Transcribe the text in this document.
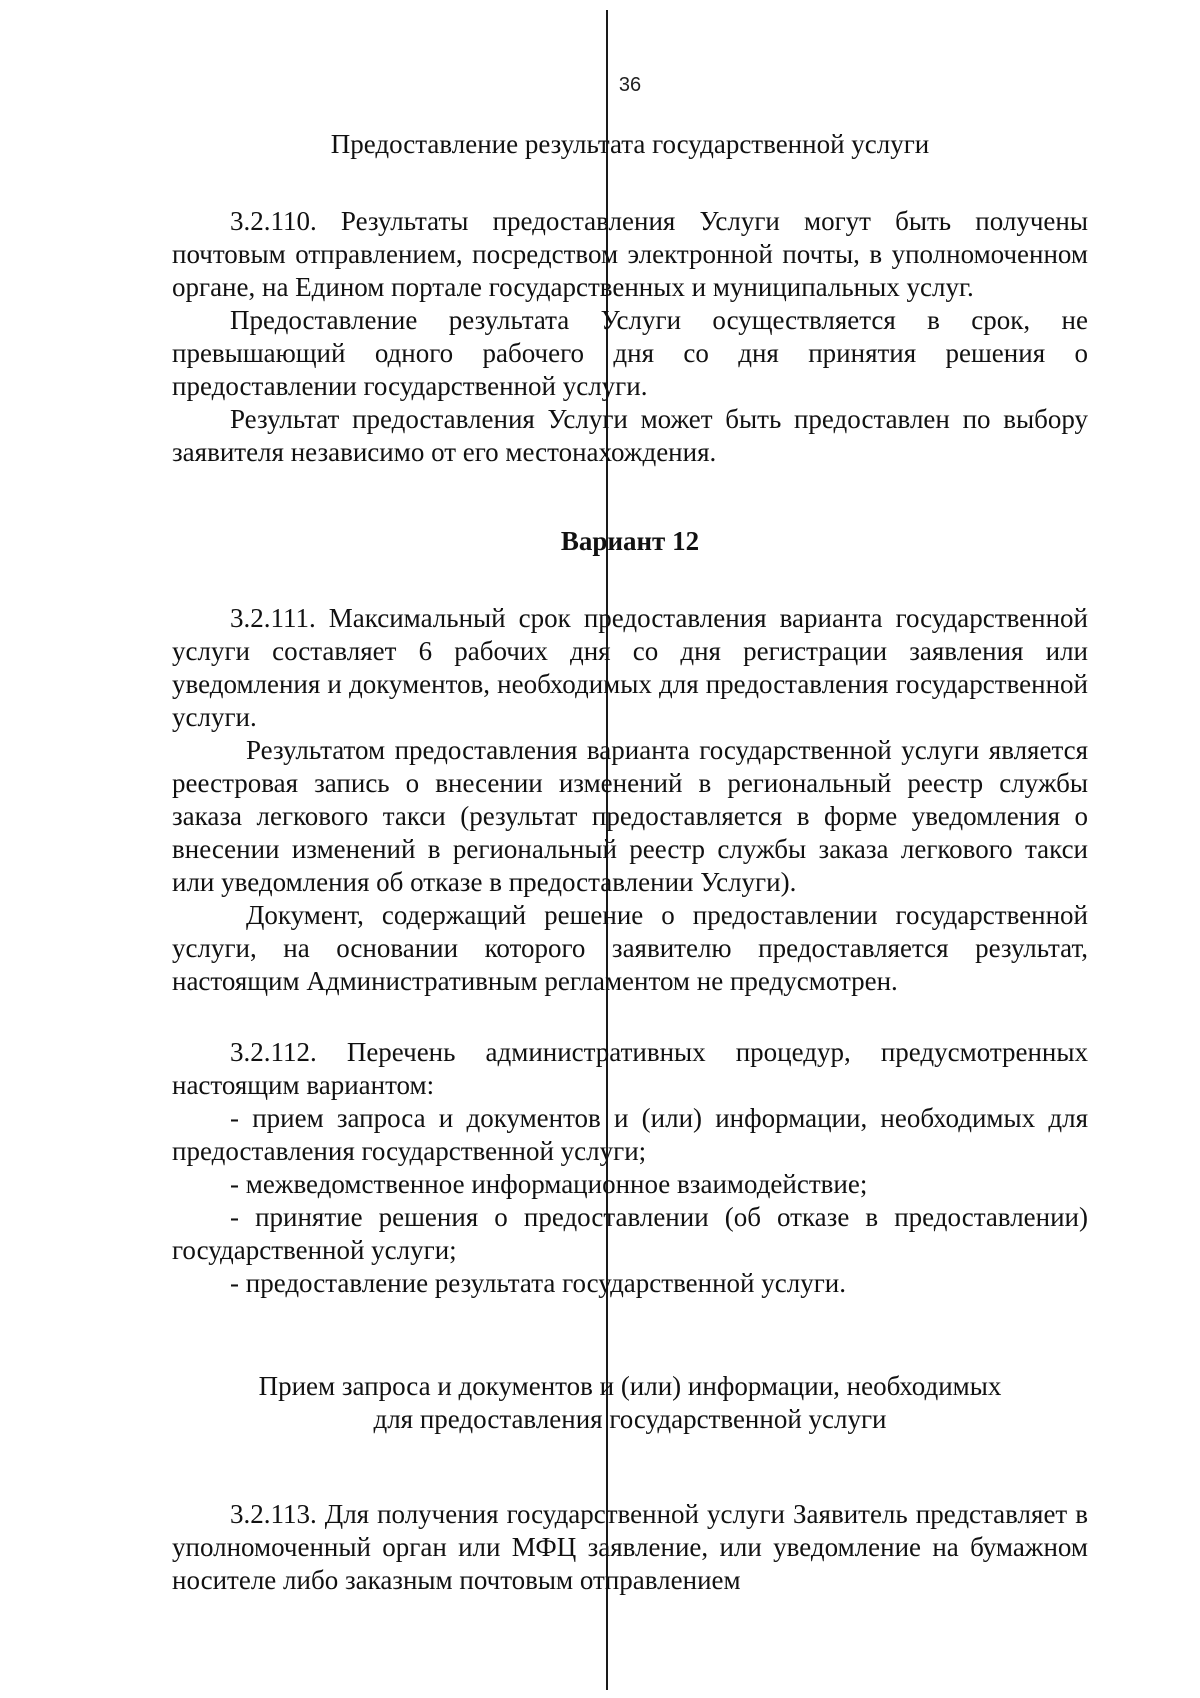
36
Предоставление результата государственной услуги

3.2.110. Результаты предоставления Услуги могут быть получены почтовым отправлением, посредством электронной почты, в уполномоченном органе, на Едином портале государственных и муниципальных услуг.

Предоставление результата Услуги осуществляется в срок, не превышающий одного рабочего дня со дня принятия решения о предоставлении государственной услуги.

Результат предоставления Услуги может быть предоставлен по выбору заявителя независимо от его местонахождения.

Вариант 12

3.2.111. Максимальный срок предоставления варианта государственной услуги составляет 6 рабочих дня со дня регистрации заявления или уведомления и документов, необходимых для предоставления государственной услуги.

Результатом предоставления варианта государственной услуги является реестровая запись о внесении изменений в региональный реестр службы заказа легкового такси (результат предоставляется в форме уведомления о внесении изменений в региональный реестр службы заказа легкового такси или уведомления об отказе в предоставлении Услуги).

Документ, содержащий решение о предоставлении государственной услуги, на основании которого заявителю предоставляется результат, настоящим Административным регламентом не предусмотрен.

3.2.112. Перечень административных процедур, предусмотренных настоящим вариантом:

- прием запроса и документов и (или) информации, необходимых для предоставления государственной услуги;

- межведомственное информационное взаимодействие;

- принятие решения о предоставлении (об отказе в предоставлении) государственной услуги;

- предоставление результата государственной услуги.

Прием запроса и документов и (или) информации, необходимых
для предоставления государственной услуги

3.2.113. Для получения государственной услуги Заявитель представляет в уполномоченный орган или МФЦ заявление, или уведомление на бумажном носителе либо заказным почтовым отправлением
